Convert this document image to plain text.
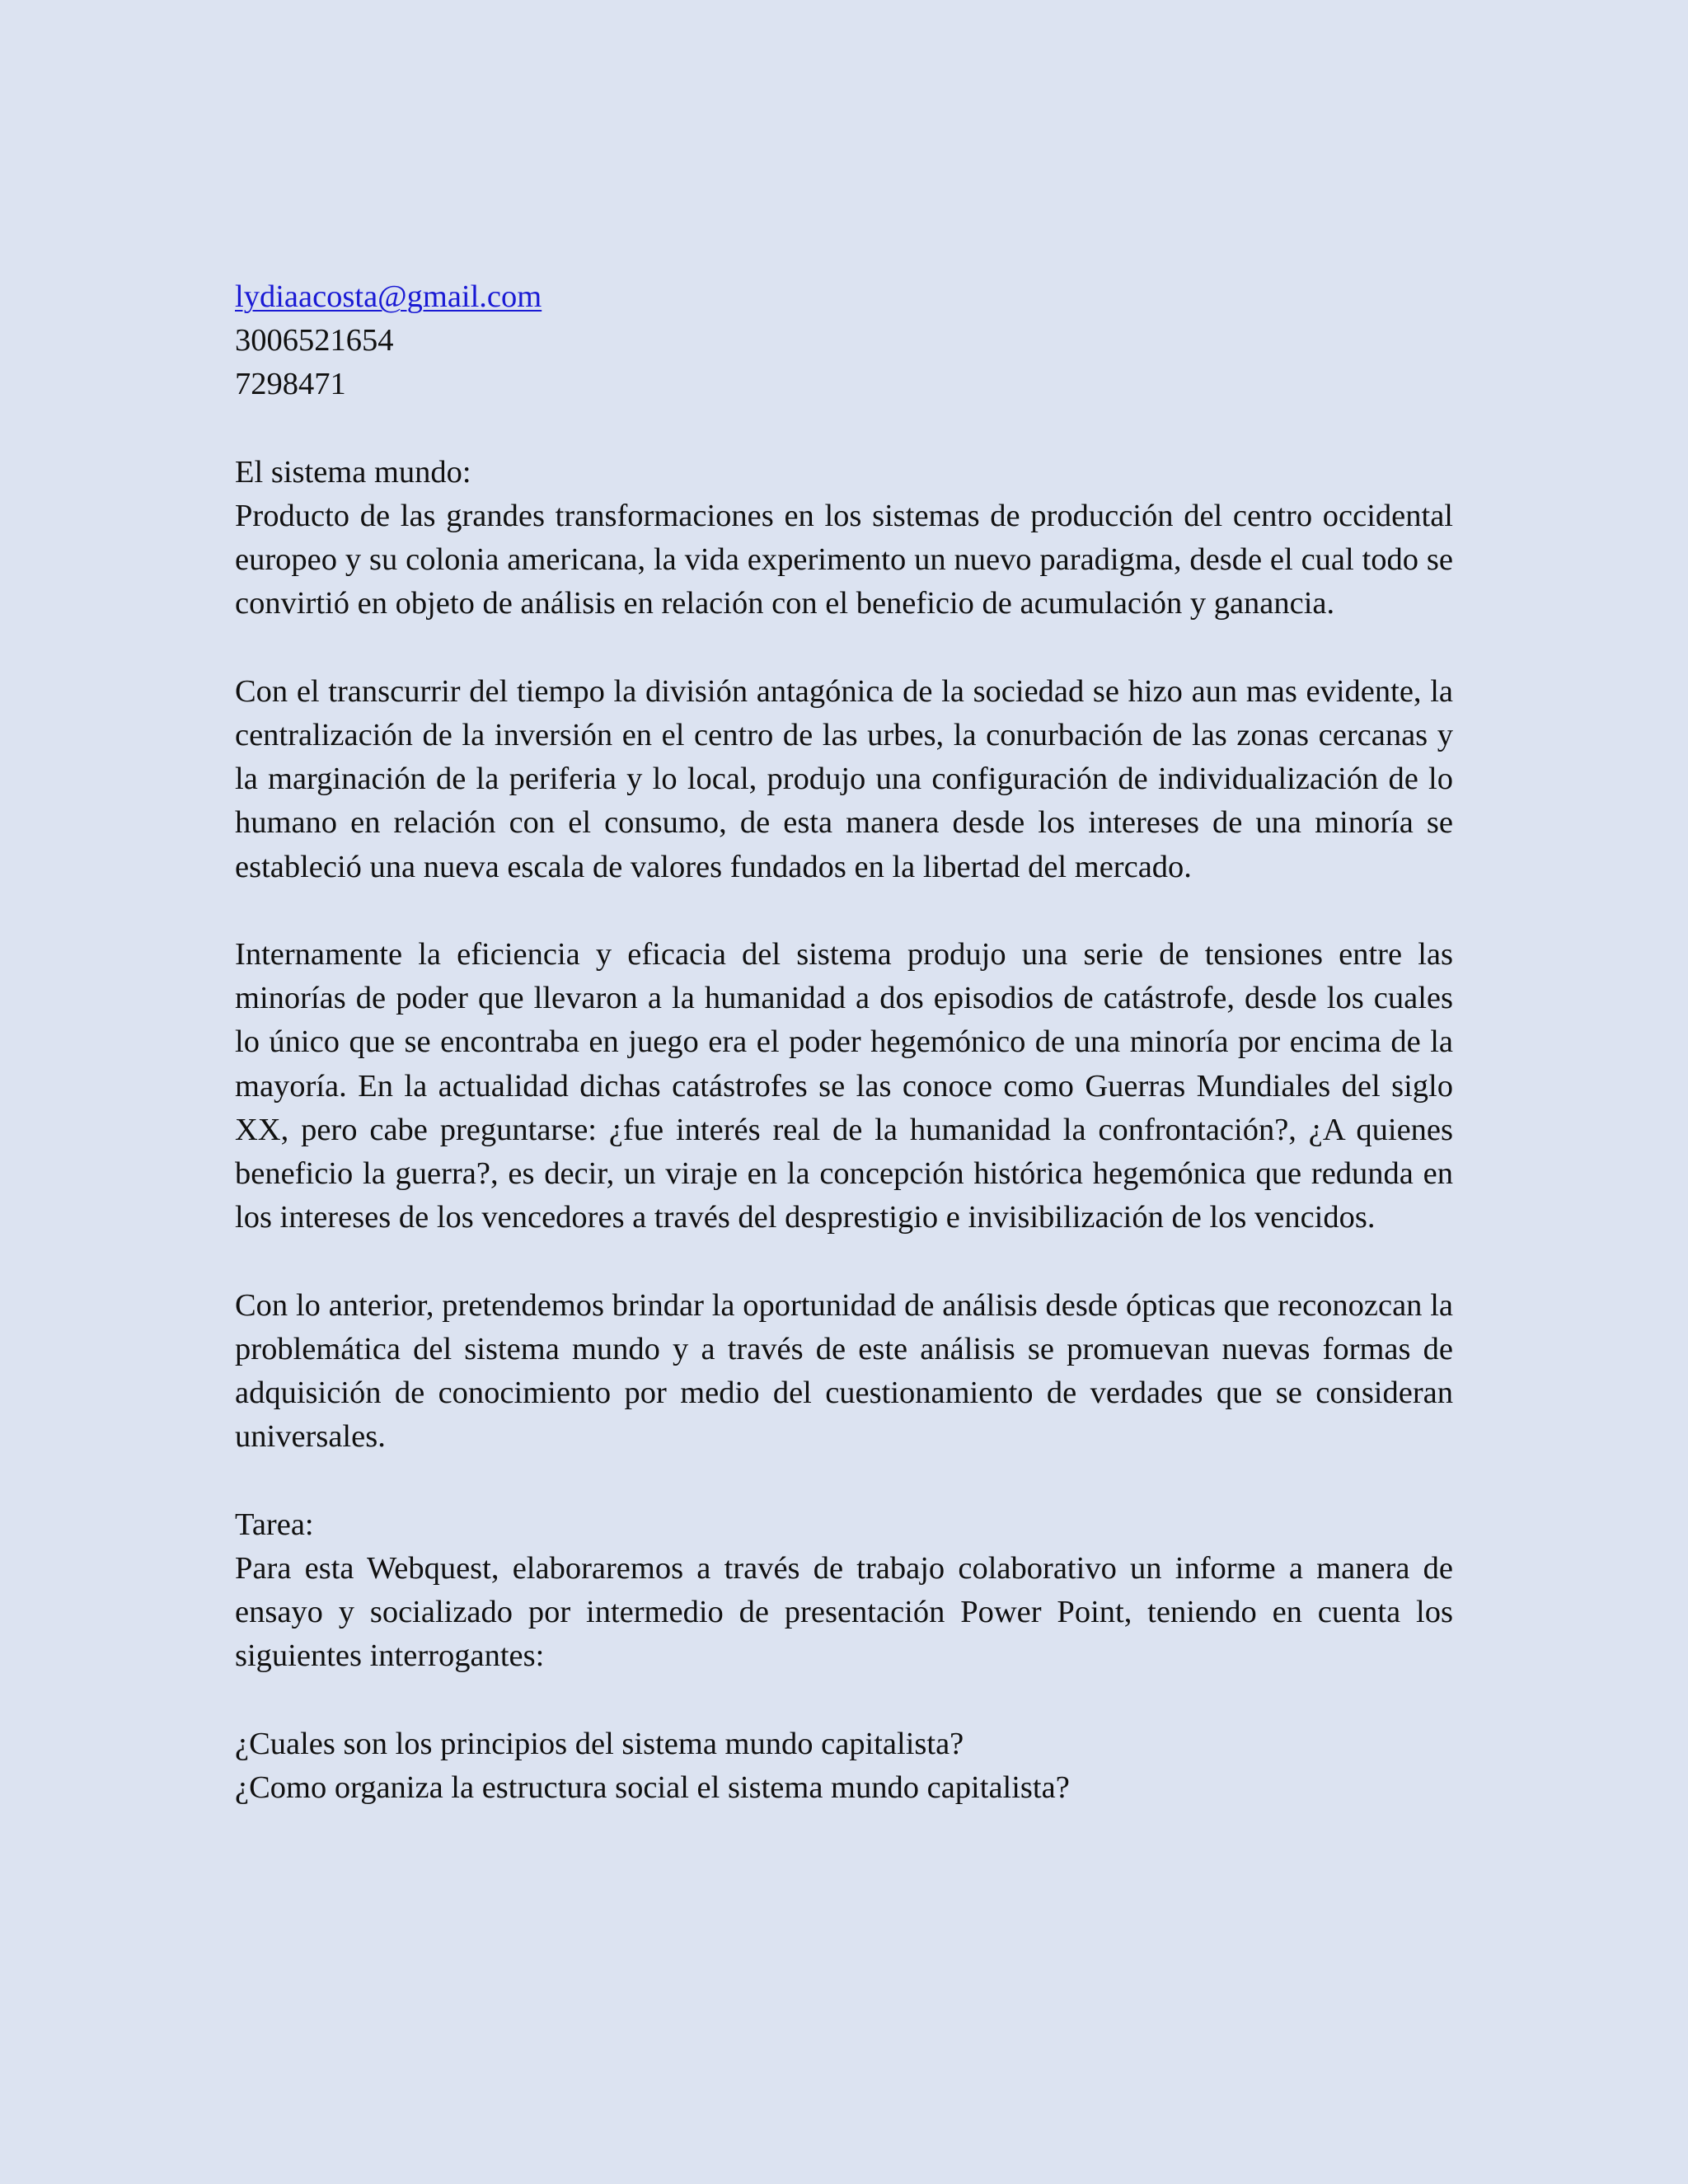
lydiaacosta@gmail.com
3006521654
7298471
El sistema mundo:

Producto de las grandes transformaciones en los sistemas de producción del centro occidental europeo y su colonia americana, la vida experimento un nuevo paradigma, desde el cual todo se convirtió en objeto de análisis en relación con el beneficio de acumulación y ganancia.

Con el transcurrir del tiempo la división antagónica de la sociedad se hizo aun mas evidente, la centralización de la inversión en el centro de las urbes, la conurbación de las zonas cercanas y la marginación de la periferia y lo local, produjo una configuración de individualización de lo humano en relación con el consumo, de esta manera desde los intereses de una minoría se estableció una nueva escala de valores fundados en la libertad del mercado.

Internamente la eficiencia y eficacia del sistema produjo una serie de tensiones entre las minorías de poder que llevaron a la humanidad a dos episodios de catástrofe, desde los cuales lo único que se encontraba en juego era el poder hegemónico de una minoría por encima de la mayoría. En la actualidad dichas catástrofes se las conoce como Guerras Mundiales del siglo XX, pero cabe preguntarse: ¿fue interés real de la humanidad la confrontación?, ¿A quienes beneficio la guerra?, es decir, un viraje en la concepción histórica hegemónica que redunda en los intereses de los vencedores a través del desprestigio e invisibilización de los vencidos.

Con lo anterior, pretendemos brindar la oportunidad de análisis desde ópticas que reconozcan la problemática del sistema mundo y a través de este análisis se promuevan nuevas formas de adquisición de conocimiento por medio del cuestionamiento de verdades que se consideran universales.

Tarea:

Para esta Webquest, elaboraremos a través de trabajo colaborativo un informe a manera de ensayo y socializado por intermedio de presentación Power Point, teniendo en cuenta los siguientes interrogantes:

¿Cuales son los principios del sistema mundo capitalista?
¿Como organiza la estructura social el sistema mundo capitalista?
